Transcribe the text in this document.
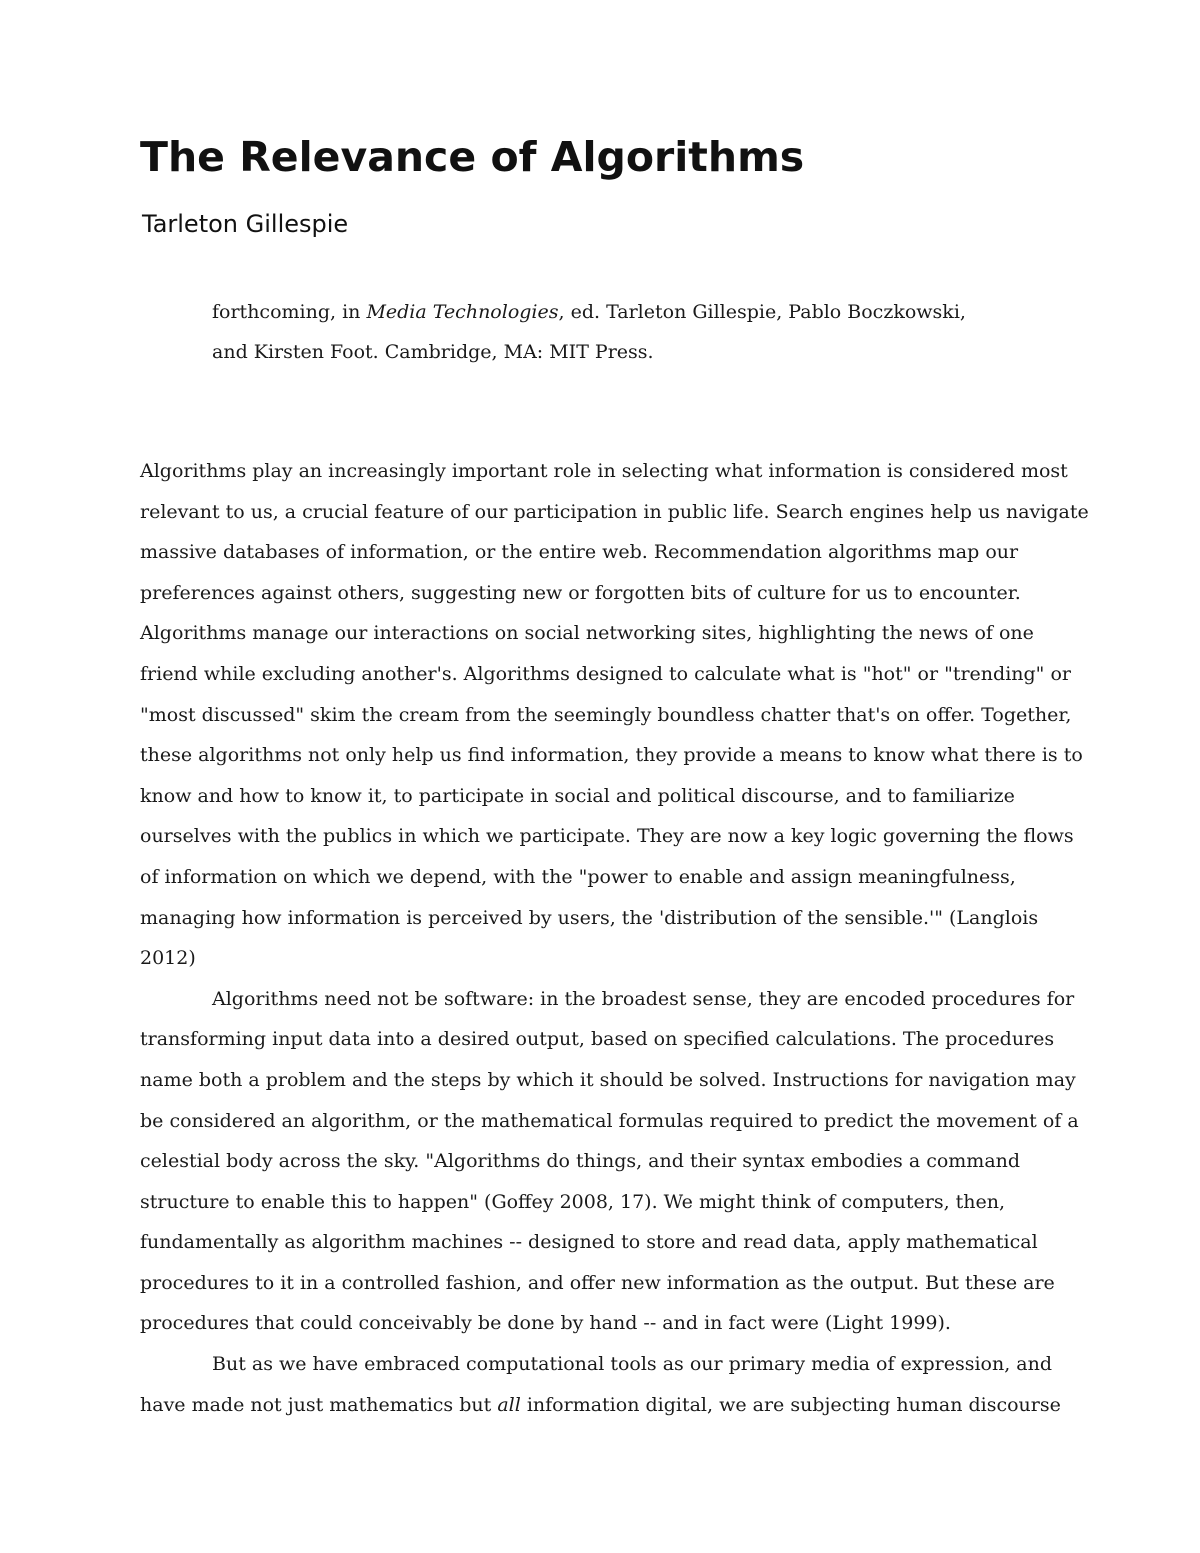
The Relevance of Algorithms
Tarleton Gillespie
forthcoming, in Media Technologies, ed. Tarleton Gillespie, Pablo Boczkowski,
and Kirsten Foot. Cambridge, MA: MIT Press.
Algorithms play an increasingly important role in selecting what information is considered most
relevant to us, a crucial feature of our participation in public life. Search engines help us navigate
massive databases of information, or the entire web. Recommendation algorithms map our
preferences against others, suggesting new or forgotten bits of culture for us to encounter.
Algorithms manage our interactions on social networking sites, highlighting the news of one
friend while excluding another's. Algorithms designed to calculate what is "hot" or "trending" or
"most discussed" skim the cream from the seemingly boundless chatter that's on offer. Together,
these algorithms not only help us find information, they provide a means to know what there is to
know and how to know it, to participate in social and political discourse, and to familiarize
ourselves with the publics in which we participate. They are now a key logic governing the flows
of information on which we depend, with the "power to enable and assign meaningfulness,
managing how information is perceived by users, the 'distribution of the sensible.'" (Langlois
2012)
Algorithms need not be software: in the broadest sense, they are encoded procedures for
transforming input data into a desired output, based on specified calculations. The procedures
name both a problem and the steps by which it should be solved. Instructions for navigation may
be considered an algorithm, or the mathematical formulas required to predict the movement of a
celestial body across the sky. "Algorithms do things, and their syntax embodies a command
structure to enable this to happen" (Goffey 2008, 17). We might think of computers, then,
fundamentally as algorithm machines -- designed to store and read data, apply mathematical
procedures to it in a controlled fashion, and offer new information as the output. But these are
procedures that could conceivably be done by hand -- and in fact were (Light 1999).
But as we have embraced computational tools as our primary media of expression, and
have made not just mathematics but all information digital, we are subjecting human discourse
